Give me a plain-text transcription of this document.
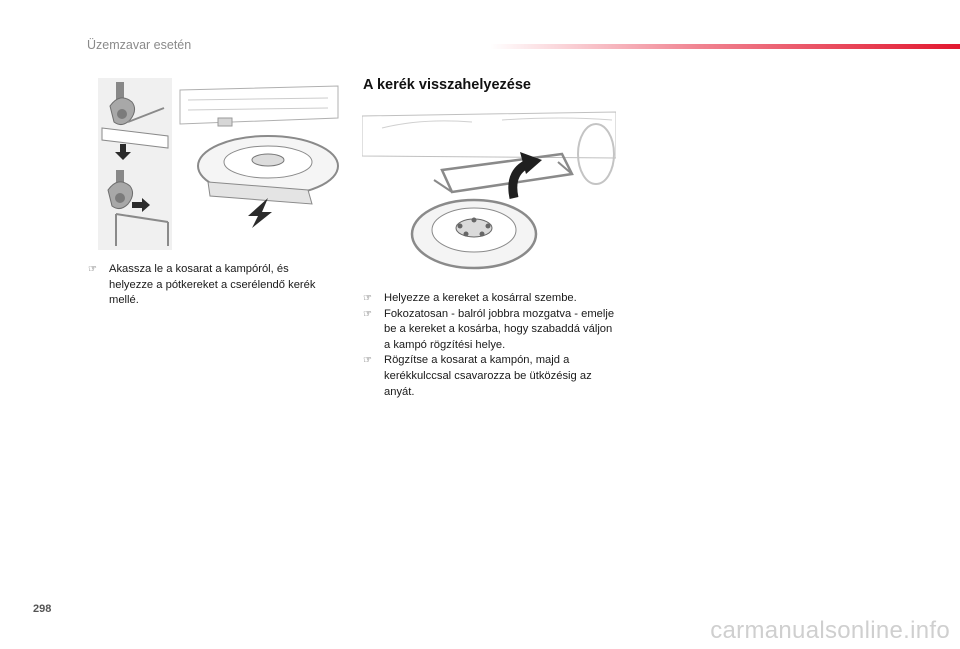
Üzemzavar esetén
☞ Akassza le a kosarat a kampóról, és helyezze a pótkereket a cserélendő kerék mellé.
A kerék visszahelyezése
☞ Helyezze a kereket a kosárral szembe.
☞ Fokozatosan - balról jobbra mozgatva - emelje be a kereket a kosárba, hogy szabaddá váljon a kampó rögzítési helye.
☞ Rögzítse a kosarat a kampón, majd a kerékkulccsal csavarozza be ütközésig az anyát.
298
carmanualsonline.info
